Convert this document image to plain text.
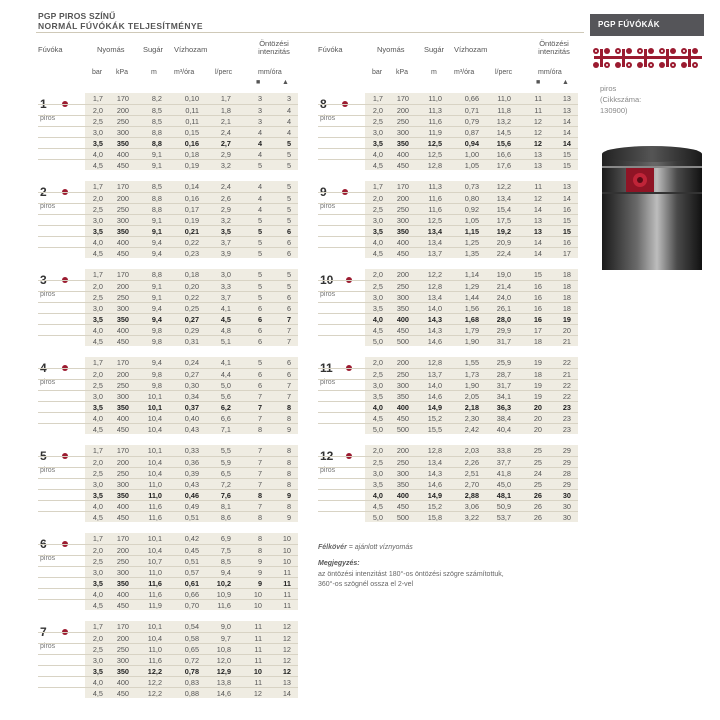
PGP PIROS SZÍNŰ
NORMÁL FÚVÓKÁK TELJESÍTMÉNYE
Fúvóka	Nyomás Sugár Vízhozam
Öntözési intenzitás
bar kPa	m m³/óra	l/perc	mm/óra
■	▲
Fúvóka	Nyomás	Sugár Vízhozam
Öntözési intenzitás
bar kPa	m m³/óra	l/perc	mm/óra
■	▲
1
piros
1,7 170	8,2	0,10	1,7	3	3
2,0 200	8,5	0,11	1,8	3	4
2,5 250	8,5	0,11	2,1	3	4
3,0 300	8,8	0,15	2,4	4	4
3,5 350	8,8	0,16	2,7	4	5
4,0 400	9,1	0,18	2,9	4	5
4,5 450	9,1	0,19	3,2	5	5
2
piros
1,7 170	8,5	0,14	2,4	4	5
2,0 200	8,8	0,16	2,6	4	5
2,5 250	8,8	0,17	2,9	4	5
3,0 300	9,1	0,19	3,2	5	5
3,5 350	9,1	0,21	3,5	5	6
4,0 400	9,4	0,22	3,7	5	6
4,5 450	9,4	0,23	3,9	5	6
3
piros
1,7 170	8,8	0,18	3,0	5	5
2,0 200	9,1	0,20	3,3	5	5
2,5 250	9,1	0,22	3,7	5	6
3,0 300	9,4	0,25	4,1	6	6
3,5 350	9,4	0,27	4,5	6	7
4,0 400	9,8	0,29	4,8	6	7
4,5 450	9,8	0,31	5,1	6	7
4
piros
1,7 170	9,4	0,24	4,1	5	6
2,0 200	9,8	0,27	4,4	6	6
2,5 250	9,8	0,30	5,0	6	7
3,0 300	10,1	0,34	5,6	7	7
3,5 350	10,1	0,37	6,2	7	8
4,0 400	10,4	0,40	6,6	7	8
4,5 450	10,4	0,43	7,1	8	9
5
piros
1,7 170	10,1	0,33	5,5	7	8
2,0 200	10,4	0,36	5,9	7	8
2,5 250	10,4	0,39	6,5	7	8
3,0 300	11,0	0,43	7,2	7	8
3,5 350	11,0	0,46	7,6	8	9
4,0 400	11,6	0,49	8,1	7	8
4,5 450	11,6	0,51	8,6	8	9
6
piros
1,7 170	10,1	0,42	6,9	8	10
2,0 200	10,4	0,45	7,5	8	10
2,5 250	10,7	0,51	8,5	9	10
3,0 300	11,0	0,57	9,4	9	11
3,5 350	11,6	0,61 10,2	9	11
4,0 400	11,6	0,66 10,9	10	11
4,5 450	11,9	0,70	11,6	10	11
7
piros
1,7 170	10,1	0,54	9,0	11	12
2,0 200	10,4	0,58	9,7	11	12
2,5 250	11,0	0,65 10,8	11	12
3,0 300	11,6	0,72 12,0	11	12
3,5 350	12,2	0,78 12,9	10	12
4,0 400	12,2	0,83 13,8	11	13
4,5 450	12,2	0,88 14,6	12	14
8
piros
1,7 170	11,0	0,66	11,0	11	13
2,0 200	11,3	0,71	11,8	11	13
2,5 250	11,6	0,79 13,2	12	14
3,0 300	11,9	0,87 14,5	12	14
3,5 350	12,5	0,94 15,6	12	14
4,0 400	12,5	1,00 16,6	13	15
4,5 450	12,8	1,05 17,6	13	15
9
piros
1,7 170	11,3	0,73 12,2	11	13
2,0 200	11,6	0,80 13,4	12	14
2,5 250	11,6	0,92 15,4	14	16
3,0 300	12,5	1,05 17,5	13	15
3,5 350	13,4	1,15 19,2	13	15
4,0 400	13,4	1,25 20,9	14	16
4,5 450	13,7	1,35 22,4	14	17
10
piros
2,0 200	12,2	1,14 19,0	15	18
2,5 250	12,8	1,29 21,4	16	18
3,0 300	13,4	1,44 24,0	16	18
3,5 350	14,0	1,56 26,1	16	18
4,0 400	14,3	1,68 28,0	16	19
4,5 450	14,3	1,79 29,9	17	20
5,0 500	14,6	1,90 31,7	18	21
11
piros
2,0 200	12,8	1,55 25,9	19	22
2,5 250	13,7	1,73 28,7	18	21
3,0 300	14,0	1,90 31,7	19	22
3,5 350	14,6	2,05 34,1	19	22
4,0 400	14,9	2,18 36,3	20	23
4,5 450	15,2	2,30 38,4	20	23
5,0 500	15,5	2,42 40,4	20	23
12
piros
2,0 200	12,8	2,03 33,8	25	29
2,5 250	13,4	2,26 37,7	25	29
3,0 300	14,3	2,51 41,8	24	28
3,5 350	14,6	2,70 45,0	25	29
4,0 400	14,9	2,88 48,1	26	30
4,5 450	15,2	3,06 50,9	26	30
5,0 500	15,8	3,22 53,7	26	30
Félkövér = ajánlott víznyomás
Megjegyzés:
az öntözési intenzitást 180°-os öntözési szögre számítottuk,
360°-os szögnél ossza el 2-vel
PGP FÚVÓKÁK
piros
(Cikkszáma:
130900)
